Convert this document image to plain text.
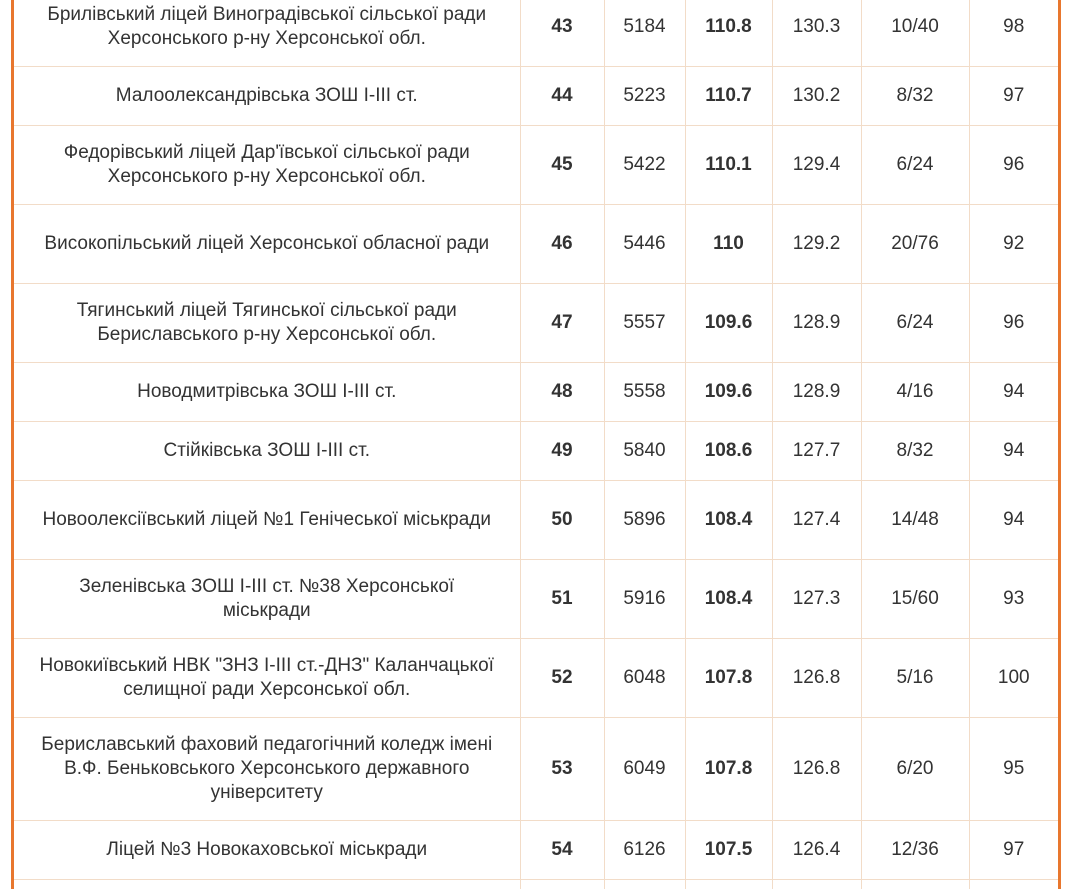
Брилівський ліцей Виноградівської сільської ради Херсонського р-ну Херсонської обл.	43	5184	110.8	130.3	10/40	98
Малоолександрівська ЗОШ І-ІІІ ст.	44	5223	110.7	130.2	8/32	97
Федорівський ліцей Дар'ївської сільської ради Херсонського р-ну Херсонської обл.	45	5422	110.1	129.4	6/24	96
Високопільський ліцей Херсонської обласної ради	46	5446	110	129.2	20/76	92
Тягинський ліцей Тягинської сільської ради Бериславського р-ну Херсонської обл.	47	5557	109.6	128.9	6/24	96
Новодмитрівська ЗОШ І-ІІІ ст.	48	5558	109.6	128.9	4/16	94
Стійківська ЗОШ І-ІІІ ст.	49	5840	108.6	127.7	8/32	94
Новоолексіївський ліцей №1 Генічеської міськради	50	5896	108.4	127.4	14/48	94
Зеленівська ЗОШ І-ІІІ ст. №38 Херсонської міськради	51	5916	108.4	127.3	15/60	93
Новокиївський НВК "ЗНЗ І-ІІІ ст.-ДНЗ" Каланчацької селищної ради Херсонської обл.	52	6048	107.8	126.8	5/16	100
Бериславський фаховий педагогічний коледж імені В.Ф. Беньковського Херсонського державного університету	53	6049	107.8	126.8	6/20	95
Ліцей №3 Новокаховської міськради	54	6126	107.5	126.4	12/36	97
